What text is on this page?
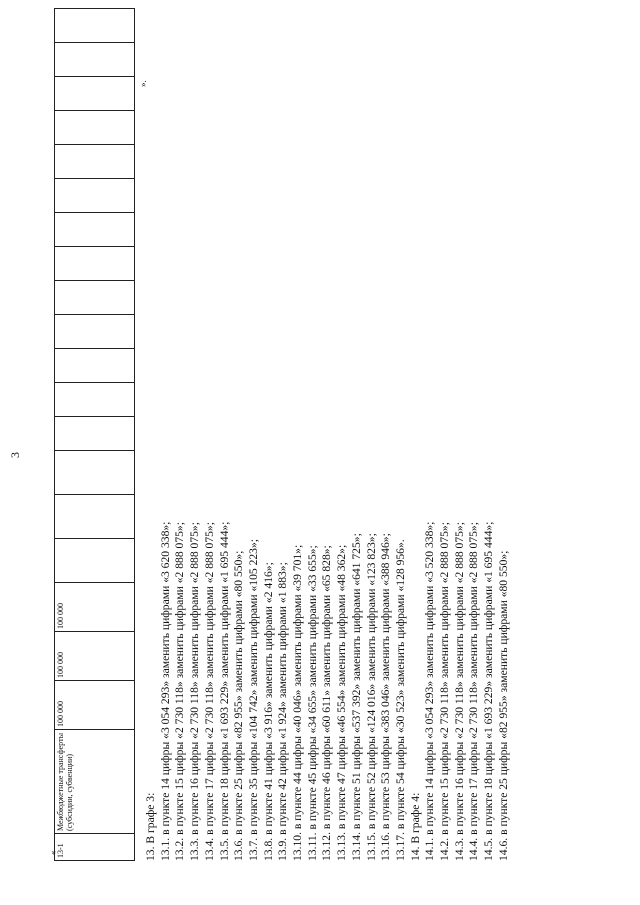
3
«
».
13-1	Межбюджетные трансферты (субсидии, субвенции)	100 000	100 000	100 000																
13. В графе 3: 13.1. в пункте 14 цифры «3 054 293» заменить цифрами «3 620 338»; 13.2. в пункте 15 цифры «2 730 118» заменить цифрами «2 888 075»; 13.3. в пункте 16 цифры «2 730 118» заменить цифрами «2 888 075»; 13.4. в пункте 17 цифры «2 730 118» заменить цифрами «2 888 075»; 13.5. в пункте 18 цифры «1 693 229» заменить цифрами «1 695 444»; 13.6. в пункте 25 цифры «82 955» заменить цифрами «80 550»; 13.7. в пункте 35 цифры «104 742» заменить цифрами «105 223»; 13.8. в пункте 41 цифры «3 916» заменить цифрами «2 416»; 13.9. в пункте 42 цифры «1 924» заменить цифрами «1 883»; 13.10. в пункте 44 цифры «40 046» заменить цифрами «39 701»; 13.11. в пункте 45 цифры «34 655» заменить цифрами «33 655»; 13.12. в пункте 46 цифры «60 611» заменить цифрами «65 828»; 13.13. в пункте 47 цифры «46 554» заменить цифрами «48 362»; 13.14. в пункте 51 цифры «537 392» заменить цифрами «641 725»; 13.15. в пункте 52 цифры «124 016» заменить цифрами «123 823»; 13.16. в пункте 53 цифры «383 046» заменить цифрами «388 946»; 13.17. в пункте 54 цифры «30 523» заменить цифрами «128 956». 14. В графе 4: 14.1. в пункте 14 цифры «3 054 293» заменить цифрами «3 520 338»; 14.2. в пункте 15 цифры «2 730 118» заменить цифрами «2 888 075»; 14.3. в пункте 16 цифры «2 730 118» заменить цифрами «2 888 075»; 14.4. в пункте 17 цифры «2 730 118» заменить цифрами «2 888 075»; 14.5. в пункте 18 цифры «1 693 229» заменить цифрами «1 695 444»; 14.6. в пункте 25 цифры «82 955» заменить цифрами «80 550»;
